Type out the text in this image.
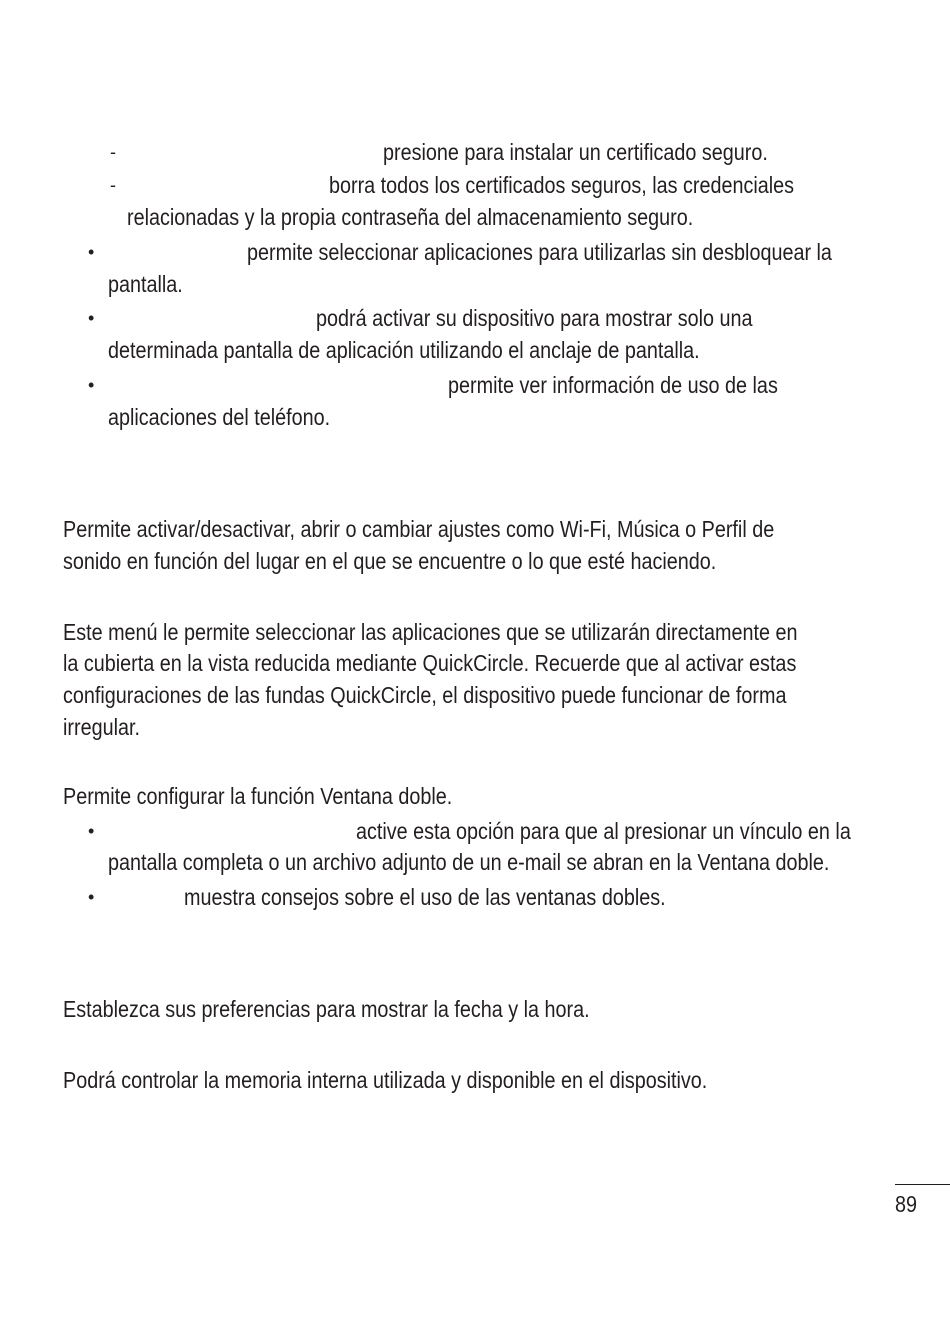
-	presione para instalar un certificado seguro.
-	borra todos los certificados seguros, las credenciales
relacionadas y la propia contraseña del almacenamiento seguro.
•	permite seleccionar aplicaciones para utilizarlas sin desbloquear la
pantalla.
•	podrá activar su dispositivo para mostrar solo una
determinada pantalla de aplicación utilizando el anclaje de pantalla.
•	permite ver información de uso de las
aplicaciones del teléfono.
Permite activar/desactivar, abrir o cambiar ajustes como Wi-Fi, Música o Perfil de
sonido en función del lugar en el que se encuentre o lo que esté haciendo.
Este menú le permite seleccionar las aplicaciones que se utilizarán directamente en
la cubierta en la vista reducida mediante QuickCircle. Recuerde que al activar estas
configuraciones de las fundas QuickCircle, el dispositivo puede funcionar de forma
irregular.
Permite configurar la función Ventana doble.
•	active esta opción para que al presionar un vínculo en la
pantalla completa o un archivo adjunto de un e-mail se abran en la Ventana doble.
•	muestra consejos sobre el uso de las ventanas dobles.
Establezca sus preferencias para mostrar la fecha y la hora.
Podrá controlar la memoria interna utilizada y disponible en el dispositivo.
89
